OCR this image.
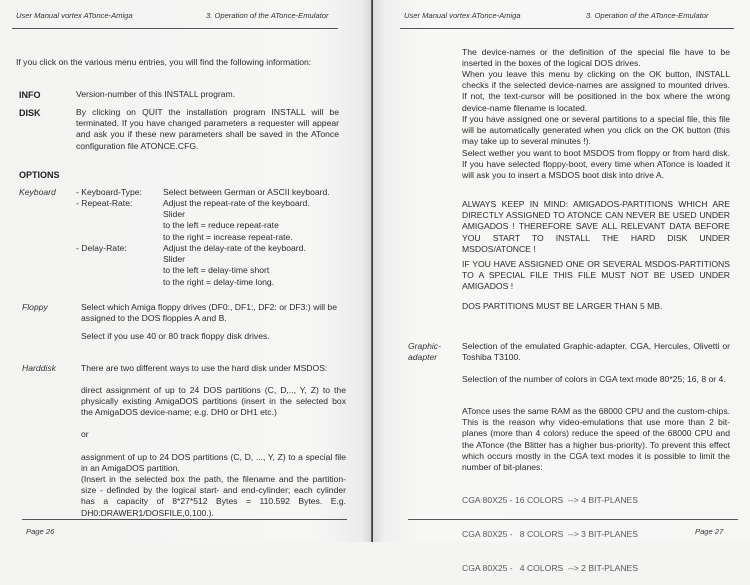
User Manual vortex ATonce-Amiga	3. Operation of the ATonce-Emulator
If you click on the various menu entries, you will find the following information:
INFO	Version-number of this INSTALL program.
DISK	By clicking on QUIT the installation program INSTALL will be terminated. If you have changed parameters a requester will appear and ask you if these new parameters shall be saved in the ATonce configuration file ATONCE.CFG.
OPTIONS
Keyboard - Keyboard-Type: Select between German or ASCII keyboard.
- Repeat-Rate:	Adjust the repeat-rate of the keyboard.
Slider
to the left = reduce repeat-rate
to the right = increase repeat-rate.
- Delay-Rate:	Adjust the delay-rate of the keyboard.
Slider
to the left = delay-time short
to the right = delay-time long.
Floppy	Select which Amiga floppy drives (DF0:, DF1:, DF2: or DF3:) will be assigned to the DOS floppies A and B.
Select if you use 40 or 80 track floppy disk drives.
Harddisk	There are two different ways to use the hard disk under MSDOS:
direct assignment of up to 24 DOS partitions (C, D,.., Y, Z) to the physically existing AmigaDOS partitions (insert in the selected box the AmigaDOS device-name; e.g. DH0 or DH1 etc.)
or
assignment of up to 24 DOS partitions (C, D, ..., Y, Z) to a special file in an AmigaDOS partition.
(Insert in the selected box the path, the filename and the partition-size - definded by the logical start- and end-cylinder; each cylinder has a capacity of 8*27*512 Bytes = 110.592 Bytes. E.g. DH0:DRAWER1/DOSFILE,0,100.).
Page 26
User Manual vortex ATonce-Amiga	3. Operation of the ATonce-Emulator
The device-names or the definition of the special file have to be inserted in the boxes of the logical DOS drives.
When you leave this menu by clicking on the OK button, INSTALL checks if the selected device-names are assigned to mounted drives. If not, the text-cursor will be positioned in the box where the wrong device-name filename is located.
If you have assigned one or several partitions to a special file, this file will be automatically generated when you click on the OK button (this may take up to several minutes !).
Select wether you want to boot MSDOS from floppy or from hard disk. If you have selected floppy-boot, every time when ATonce is loaded it will ask you to insert a MSDOS boot disk into drive A.
ALWAYS KEEP IN MIND: AMIGADOS-PARTITIONS WHICH ARE DIRECTLY ASSIGNED TO ATONCE CAN NEVER BE USED UNDER AMIGADOS ! THEREFORE SAVE ALL RELEVANT DATA BEFORE YOU START TO INSTALL THE HARD DISK UNDER MSDOS/ATONCE !
IF YOU HAVE ASSIGNED ONE OR SEVERAL MSDOS-PARTITIONS TO A SPECIAL FILE THIS FILE MUST NOT BE USED UNDER AMIGADOS !
DOS PARTITIONS MUST BE LARGER THAN 5 MB.
Graphic-
adapter
Selection of the emulated Graphic-adapter. CGA, Hercules, Olivetti or Toshiba T3100.
Selection of the number of colors in CGA text mode 80*25; 16, 8 or 4.
ATonce uses the same RAM as the 68000 CPU and the custom-chips. This is the reason why video-emulations that use more than 2 bit-planes (more than 4 colors) reduce the speed of the 68000 CPU and the ATonce (the Blitter has a higher bus-priority). To prevent this effect which occurs mostly in the CGA text modes it is possible to limit the number of bit-planes:

CGA 80X25 - 16 COLORS  --> 4 BIT-PLANES

CGA 80X25 -   8 COLORS  --> 3 BIT-PLANES

CGA 80X25 -   4 COLORS  --> 2 BIT-PLANES

Page 27
